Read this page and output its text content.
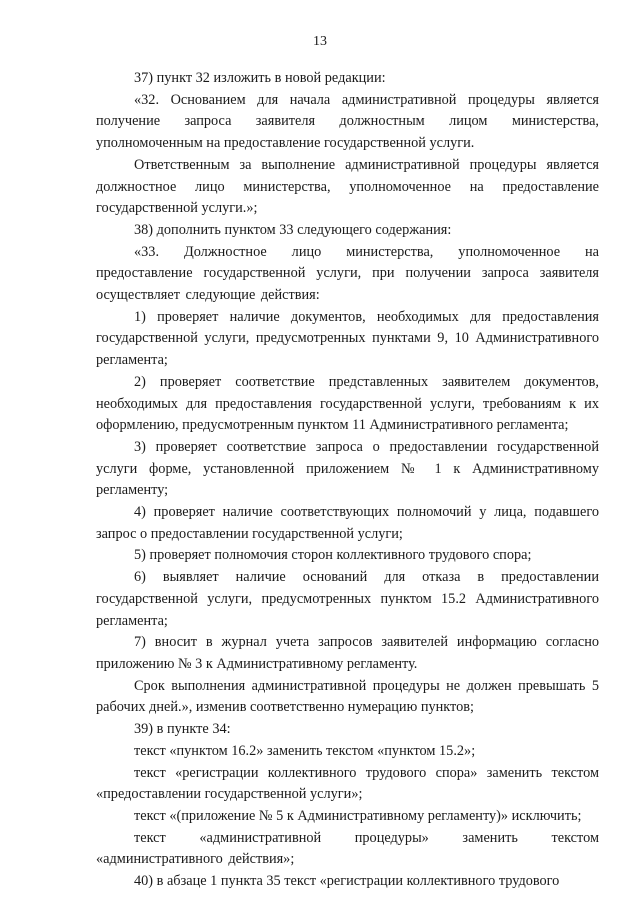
13

37) пункт 32 изложить в новой редакции:

«32. Основанием для начала административной процедуры является получение запроса заявителя должностным лицом министерства, уполномоченным на предоставление государственной услуги.

Ответственным за выполнение административной процедуры является должностное лицо министерства, уполномоченное на предоставление государственной услуги.»;

38) дополнить пунктом 33 следующего содержания:

«33. Должностное лицо министерства, уполномоченное на предоставление государственной услуги, при получении запроса заявителя осуществляет следующие действия:

1) проверяет наличие документов, необходимых для предоставления государственной услуги, предусмотренных пунктами 9, 10 Административного регламента;

2) проверяет соответствие представленных заявителем документов, необходимых для предоставления государственной услуги, требованиям к их оформлению, предусмотренным пунктом 11 Административного регламента;

3) проверяет соответствие запроса о предоставлении государственной услуги форме, установленной приложением № 1 к Административному регламенту;

4) проверяет наличие соответствующих полномочий у лица, подавшего запрос о предоставлении государственной услуги;

5) проверяет полномочия сторон коллективного трудового спора;

6) выявляет наличие оснований для отказа в предоставлении государственной услуги, предусмотренных пунктом 15.2 Административного регламента;

7) вносит в журнал учета запросов заявителей информацию согласно приложению № 3 к Административному регламенту.

Срок выполнения административной процедуры не должен превышать 5 рабочих дней.», изменив соответственно нумерацию пунктов;

39) в пункте 34:

текст «пунктом 16.2» заменить текстом «пунктом 15.2»;

текст «регистрации коллективного трудового спора» заменить текстом «предоставлении государственной услуги»;

текст «(приложение № 5 к Административному регламенту)» исключить;

текст «административной процедуры» заменить текстом «административного действия»;

40) в абзаце 1 пункта 35 текст «регистрации коллективного трудового
